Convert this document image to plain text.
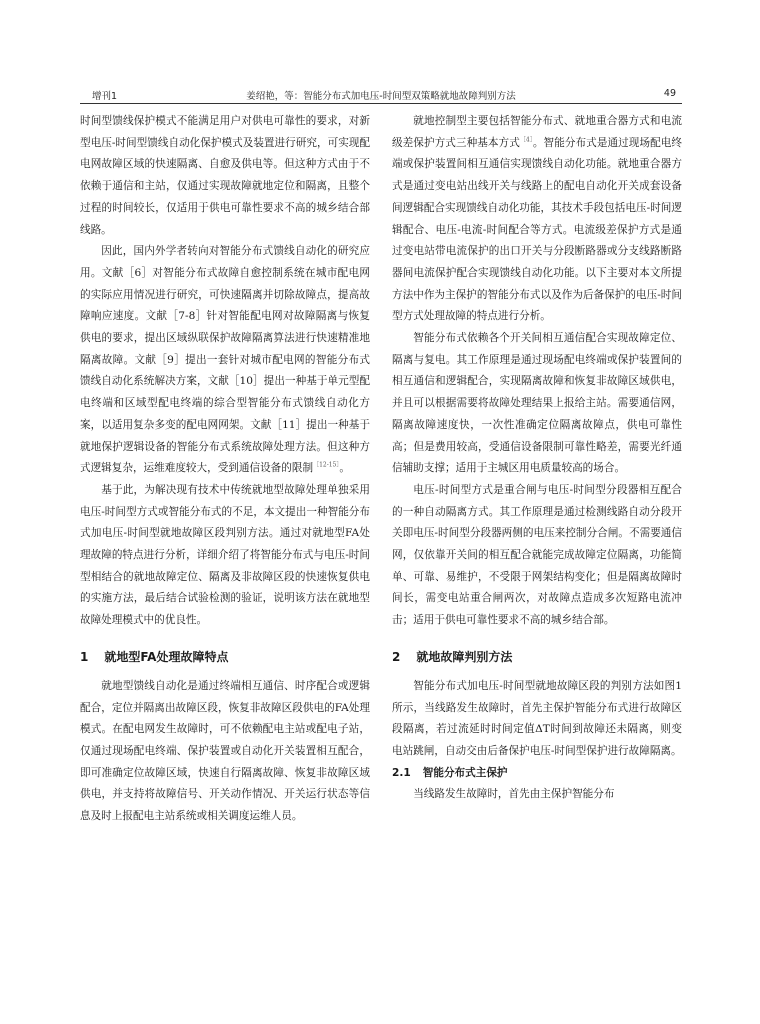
增刊1	姜绍艳，等：智能分布式加电压-时间型双策略就地故障判别方法	49

时间型馈线保护模式不能满足用户对供电可靠性的要求，对新型电压-时间型馈线自动化保护模式及装置进行研究，可实现配电网故障区域的快速隔离、自愈及供电等。但这种方式由于不依赖于通信和主站，仅通过实现故障就地定位和隔离，且整个过程的时间较长，仅适用于供电可靠性要求不高的城乡结合部线路。

因此，国内外学者转向对智能分布式馈线自动化的研究应用。文献［6］对智能分布式故障自愈控制系统在城市配电网的实际应用情况进行研究，可快速隔离并切除故障点，提高故障响应速度。文献［7-8］针对智能配电网对故障隔离与恢复供电的要求，提出区域纵联保护故障隔离算法进行快速精准地隔离故障。文献［9］提出一套针对城市配电网的智能分布式馈线自动化系统解决方案，文献［10］提出一种基于单元型配电终端和区域型配电终端的综合型智能分布式馈线自动化方案，以适用复杂多变的配电网网架。文献［11］提出一种基于就地保护逻辑设备的智能分布式系统故障处理方法。但这种方式逻辑复杂，运维难度较大，受到通信设备的限制$^{[12-15]}$。

基于此，为解决现有技术中传统就地型故障处理单独采用电压-时间型方式或智能分布式的不足，本文提出一种智能分布式加电压-时间型就地故障区段判别方法。通过对就地型FA处理故障的特点进行分析，详细介绍了将智能分布式与电压-时间型相结合的就地故障定位、隔离及非故障区段的快速恢复供电的实施方法，最后结合试验检测的验证，说明该方法在就地型故障处理模式中的优良性。

1 就地型FA处理故障特点

就地型馈线自动化是通过终端相互通信、时序配合或逻辑配合，定位并隔离出故障区段，恢复非故障区段供电的FA处理模式。在配电网发生故障时，可不依赖配电主站或配电子站，仅通过现场配电终端、保护装置或自动化开关装置相互配合，即可准确定位故障区域，快速自行隔离故障、恢复非故障区域供电，并支持将故障信号、开关动作情况、开关运行状态等信息及时上报配电主站系统或相关调度运维人员。

就地控制型主要包括智能分布式、就地重合器方式和电流级差保护方式三种基本方式$^{[4]}$。智能分布式是通过现场配电终端或保护装置间相互通信实现馈线自动化功能。就地重合器方式是通过变电站出线开关与线路上的配电自动化开关成套设备间逻辑配合实现馈线自动化功能，其技术手段包括电压-时间逻辑配合、电压-电流-时间配合等方式。电流级差保护方式是通过变电站带电流保护的出口开关与分段断路器或分支线路断路器间电流保护配合实现馈线自动化功能。以下主要对本文所提方法中作为主保护的智能分布式以及作为后备保护的电压-时间型方式处理故障的特点进行分析。

智能分布式依赖各个开关间相互通信配合实现故障定位、隔离与复电。其工作原理是通过现场配电终端或保护装置间的相互通信和逻辑配合，实现隔离故障和恢复非故障区域供电，并且可以根据需要将故障处理结果上报给主站。需要通信网，隔离故障速度快，一次性准确定位隔离故障点，供电可靠性高；但是费用较高，受通信设备限制可靠性略差，需要光纤通信辅助支撑；适用于主城区用电质量较高的场合。

电压-时间型方式是重合闸与电压-时间型分段器相互配合的一种自动隔离方式。其工作原理是通过检测线路自动分段开关即电压-时间型分段器两侧的电压来控制分合闸。不需要通信网，仅依靠开关间的相互配合就能完成故障定位隔离，功能简单、可靠、易维护，不受限于网架结构变化；但是隔离故障时间长，需变电站重合闸两次，对故障点造成多次短路电流冲击；适用于供电可靠性要求不高的城乡结合部。

2 就地故障判别方法

智能分布式加电压-时间型就地故障区段的判别方法如图1所示，当线路发生故障时，首先主保护智能分布式进行故障区段隔离，若过流延时时间定值ΔT时间到故障还未隔离，则变电站跳闸，自动交由后备保护电压-时间型保护进行故障隔离。

2.1 智能分布式主保护

当线路发生故障时，首先由主保护智能分布
